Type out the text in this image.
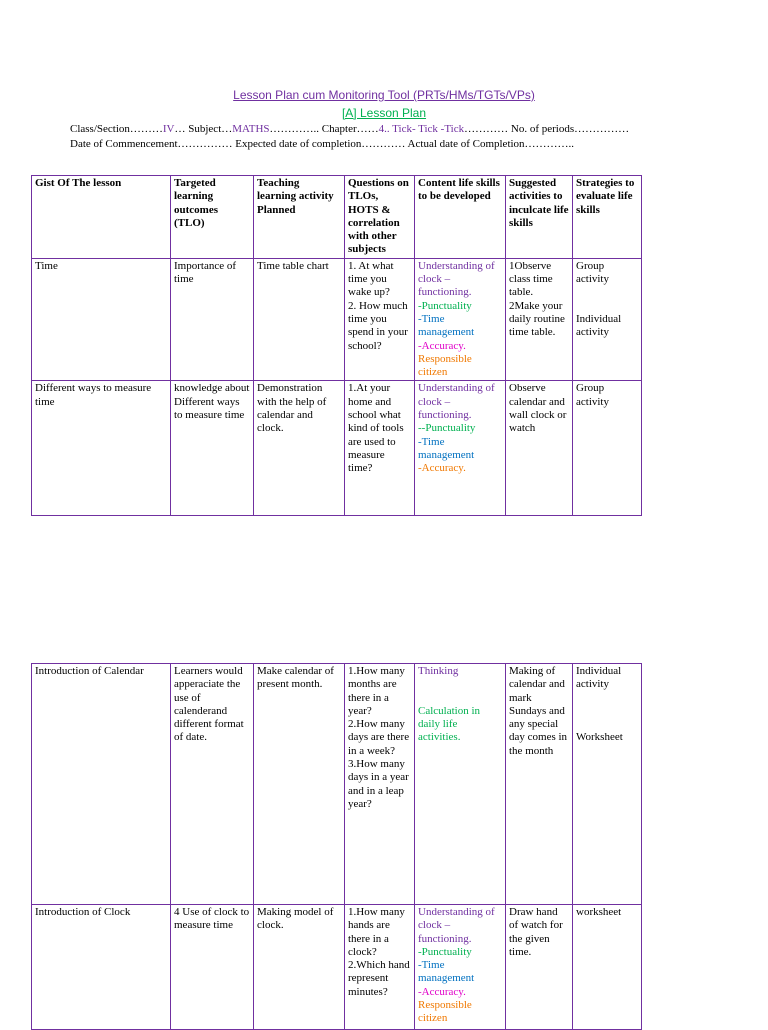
Lesson Plan cum Monitoring Tool (PRTs/HMs/TGTs/VPs)
[A] Lesson Plan
Class/Section………IV… Subject…MATHS………….. Chapter……4.. Tick- Tick -Tick………… No. of periods……………
Date of Commencement…………… Expected date of completion………… Actual date of Completion…………..
Gist Of The lesson	Targeted learning outcomes (TLO)	Teaching learning activity Planned	Questions on TLOs, HOTS & correlation with other subjects	Content life skills to be developed	Suggested activities to inculcate life skills	Strategies to evaluate life skills
Time	Importance of time	Time table chart	1. At what time you wake up?
2. How much time you spend in your school?	Understanding of clock – functioning.
-Punctuality
-Time management
-Accuracy.
Responsible citizen	1Observe class time table.
2Make your daily routine time table.	Group activity
Individual activity

Different ways to measure time	knowledge about Different ways to measure time	Demonstration with the help of calendar and clock.	1.At your home and school what kind of tools are used to measure time?	Understanding of clock – functioning.
--Punctuality
-Time management
-Accuracy.	Observe calendar and wall clock or watch	Group activity
Introduction of Calendar	Learners would apperaciate the use of calenderand different format of date.	Make calendar of present month.	1.How many months are there in a year?
2.How many days are there in a week?
3.How many days in a year and in a leap year?	Thinking
Calculation in daily life activities.	Making of calendar and mark Sundays and any special day comes in the month	Individual activity
Worksheet

Introduction of Clock	4 Use of clock to measure time	Making model of clock.	1.How many hands are there in a clock?
2.Which hand represent minutes?	Understanding of clock – functioning.
-Punctuality
-Time management
-Accuracy.
Responsible citizen	Draw hand of watch for the given time.	worksheet
